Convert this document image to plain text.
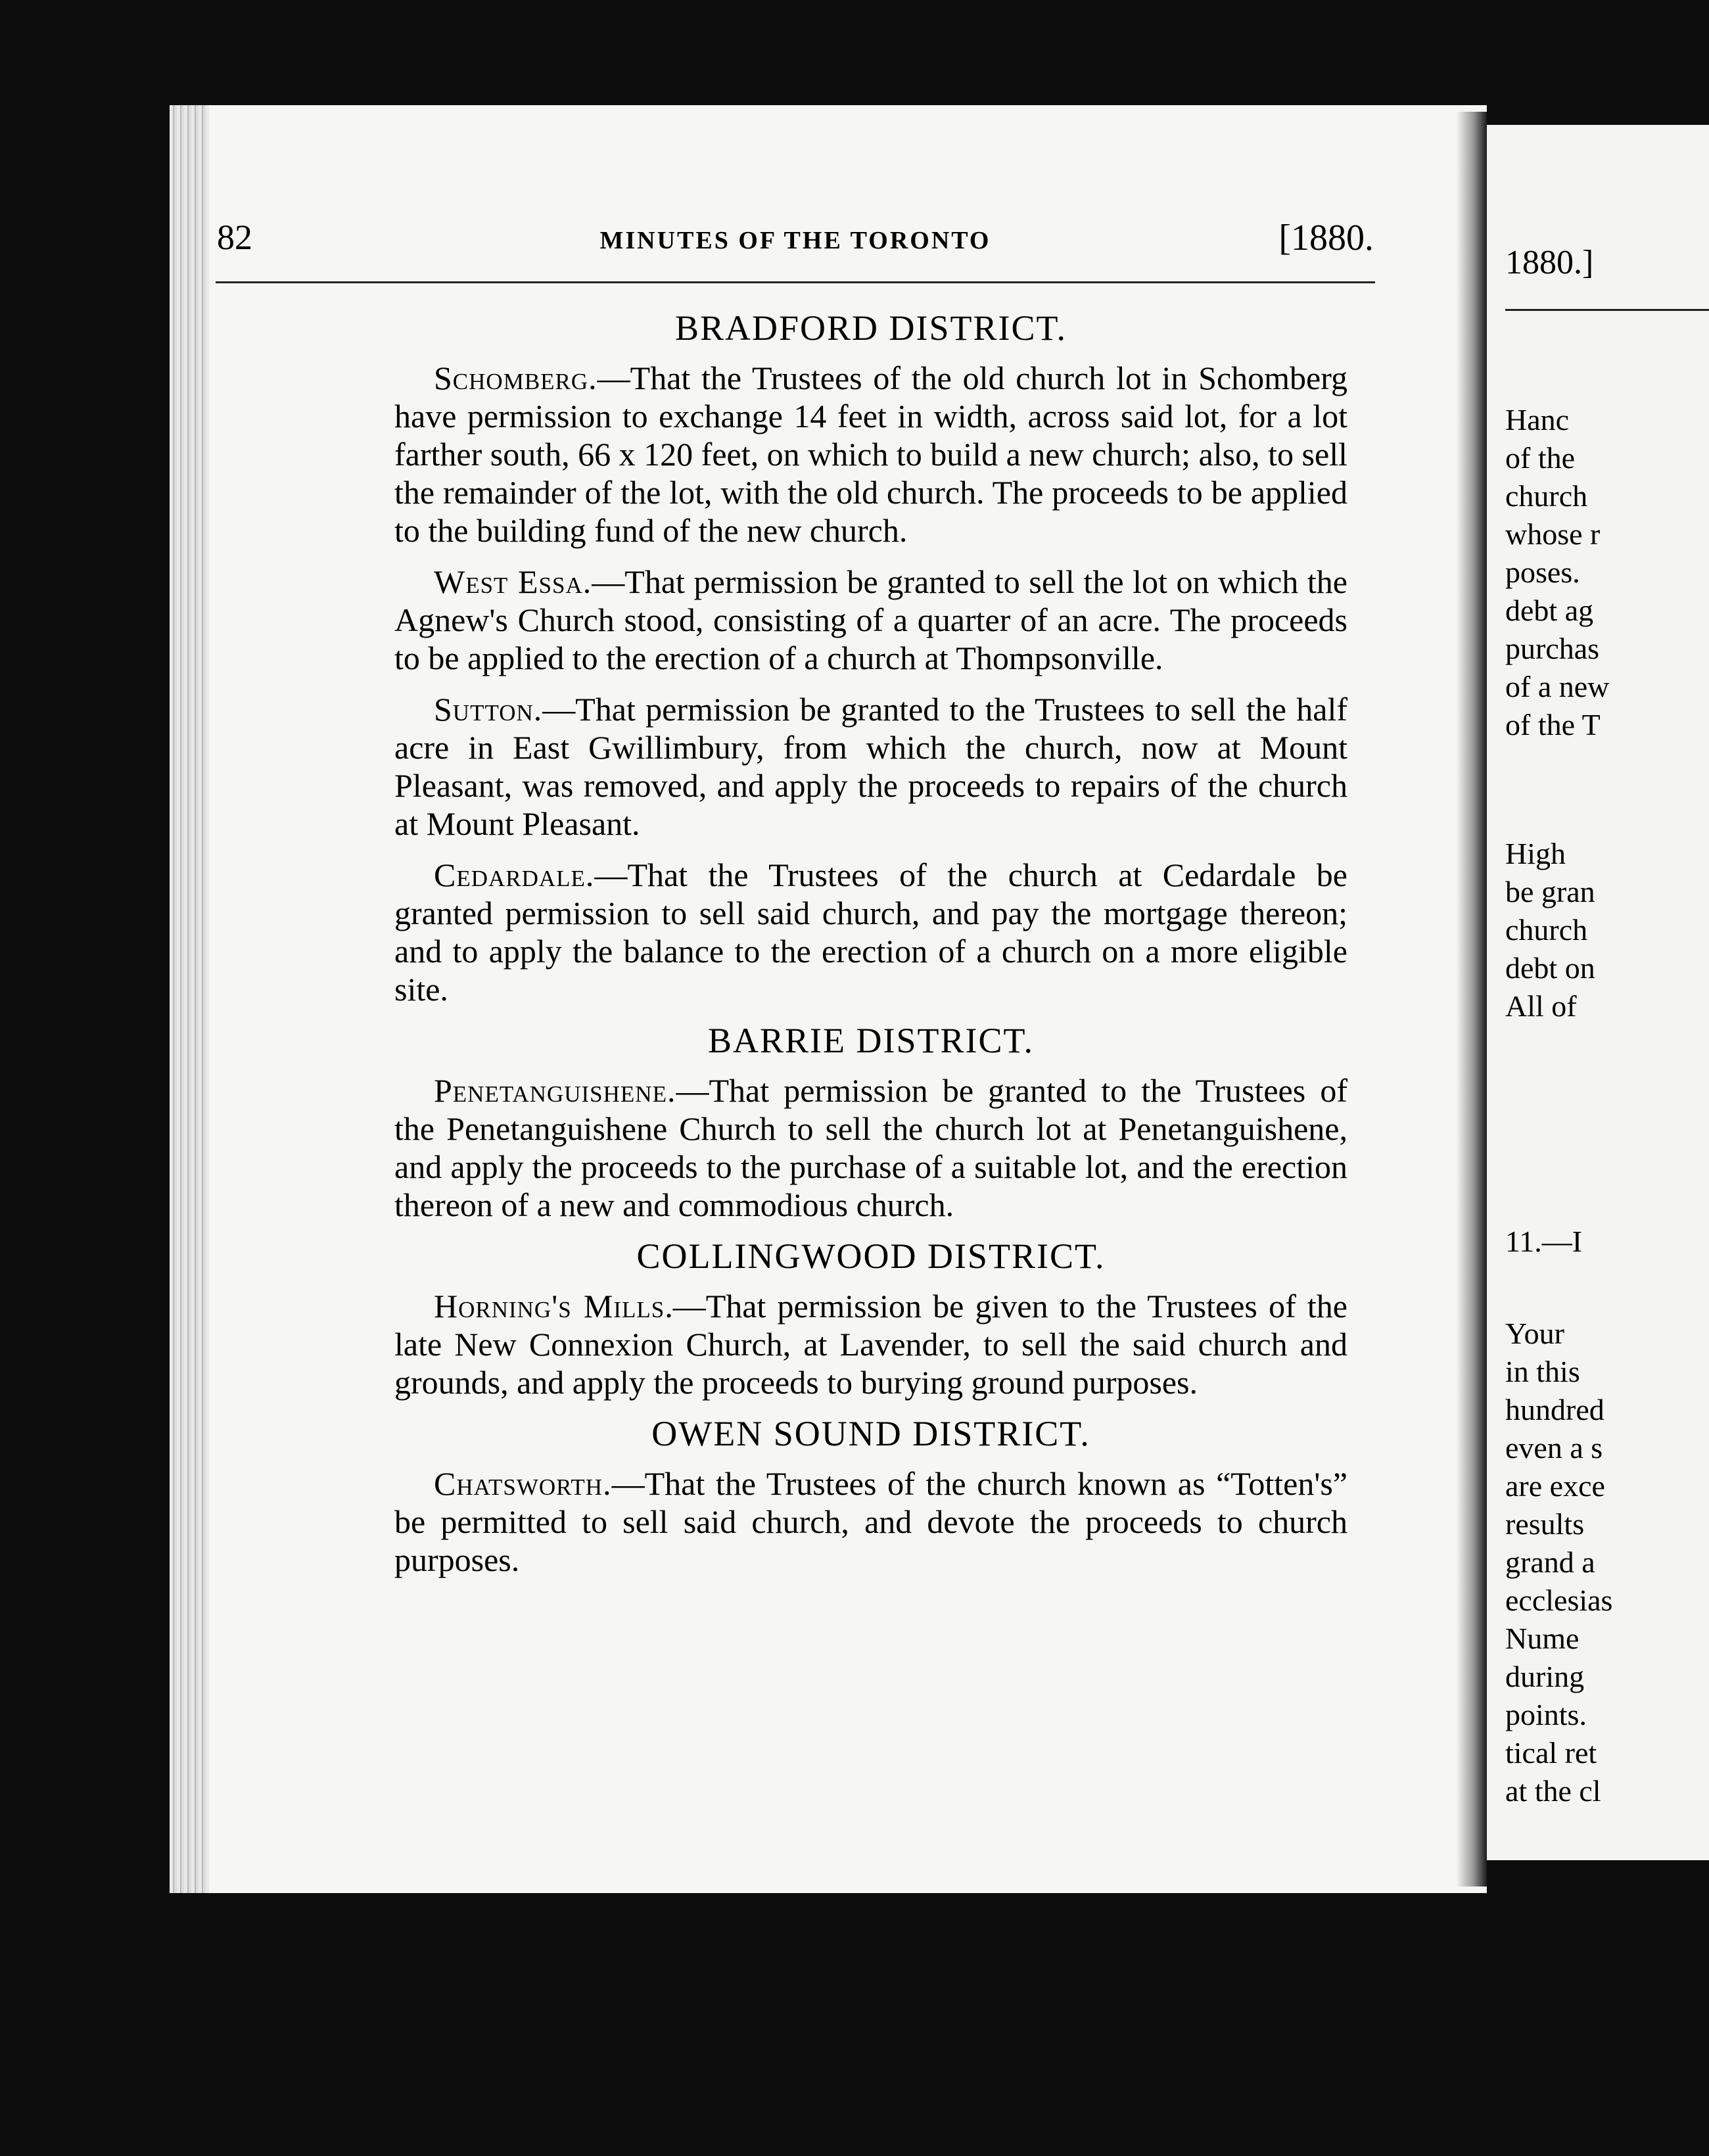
82	MINUTES OF THE TORONTO	[1880.
BRADFORD DISTRICT.

Schomberg.—That the Trustees of the old church lot in Schomberg have permission to exchange 14 feet in width, across said lot, for a lot farther south, 66 x 120 feet, on which to build a new church; also, to sell the remainder of the lot, with the old church. The proceeds to be applied to the building fund of the new church.

West Essa.—That permission be granted to sell the lot on which the Agnew's Church stood, consisting of a quarter of an acre. The proceeds to be applied to the erection of a church at Thompsonville.

Sutton.—That permission be granted to the Trustees to sell the half acre in East Gwillimbury, from which the church, now at Mount Pleasant, was removed, and apply the proceeds to repairs of the church at Mount Pleasant.

Cedardale.—That the Trustees of the church at Cedardale be granted permission to sell said church, and pay the mortgage thereon; and to apply the balance to the erection of a church on a more eligible site.

BARRIE DISTRICT.

Penetanguishene.—That permission be granted to the Trustees of the Penetanguishene Church to sell the church lot at Penetanguishene, and apply the proceeds to the purchase of a suitable lot, and the erection thereon of a new and commodious church.

COLLINGWOOD DISTRICT.

Horning's Mills.—That permission be given to the Trustees of the late New Connexion Church, at Lavender, to sell the said church and grounds, and apply the proceeds to burying ground purposes.

OWEN SOUND DISTRICT.

Chatsworth.—That the Trustees of the church known as “Totten's” be permitted to sell said church, and devote the proceeds to church purposes.

1880.]
Hanc
of the
church
whose r
poses.
debt ag
purchas
of a new
of the T
High
be gran
church
debt on
All of
11.—I
Your
in this
hundred
even a s
are exce
results
grand a
ecclesias
Nume
during
points.
tical ret
at the cl
